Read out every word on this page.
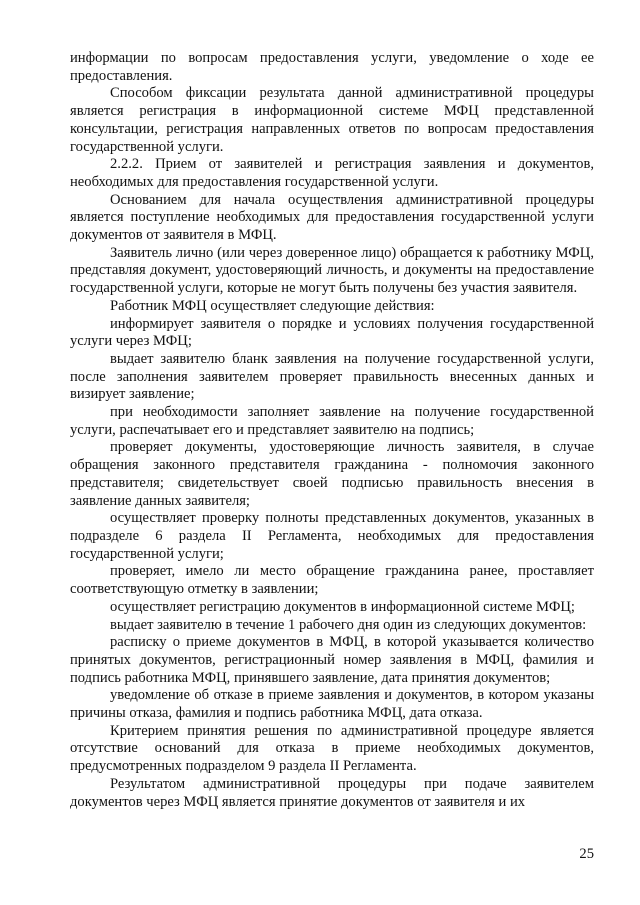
информации по вопросам предоставления услуги, уведомление о ходе ее предоставления.

Способом фиксации результата данной административной процедуры является регистрация в информационной системе МФЦ представленной консультации, регистрация направленных ответов по вопросам предоставления государственной услуги.

2.2.2. Прием от заявителей и регистрация заявления и документов, необходимых для предоставления государственной услуги.

Основанием для начала осуществления административной процедуры является поступление необходимых для предоставления государственной услуги документов от заявителя в МФЦ.

Заявитель лично (или через доверенное лицо) обращается к работнику МФЦ, представляя документ, удостоверяющий личность, и документы на предоставление государственной услуги, которые не могут быть получены без участия заявителя.

Работник МФЦ осуществляет следующие действия:

информирует заявителя о порядке и условиях получения государственной услуги через МФЦ;

выдает заявителю бланк заявления на получение государственной услуги, после заполнения заявителем проверяет правильность внесенных данных и визирует заявление;

при необходимости заполняет заявление на получение государственной услуги, распечатывает его и представляет заявителю на подпись;

проверяет документы, удостоверяющие личность заявителя, в случае обращения законного представителя гражданина - полномочия законного представителя; свидетельствует своей подписью правильность внесения в заявление данных заявителя;

осуществляет проверку полноты представленных документов, указанных в подразделе 6 раздела II Регламента, необходимых для предоставления государственной услуги;

проверяет, имело ли место обращение гражданина ранее, проставляет соответствующую отметку в заявлении;

осуществляет регистрацию документов в информационной системе МФЦ;

выдает заявителю в течение 1 рабочего дня один из следующих документов:

расписку о приеме документов в МФЦ, в которой указывается количество принятых документов, регистрационный номер заявления в МФЦ, фамилия и подпись работника МФЦ, принявшего заявление, дата принятия документов;

уведомление об отказе в приеме заявления и документов, в котором указаны причины отказа, фамилия и подпись работника МФЦ, дата отказа.

Критерием принятия решения по административной процедуре является отсутствие оснований для отказа в приеме необходимых документов, предусмотренных подразделом 9 раздела II Регламента.

Результатом административной процедуры при подаче заявителем документов через МФЦ является принятие документов от заявителя и их

25
